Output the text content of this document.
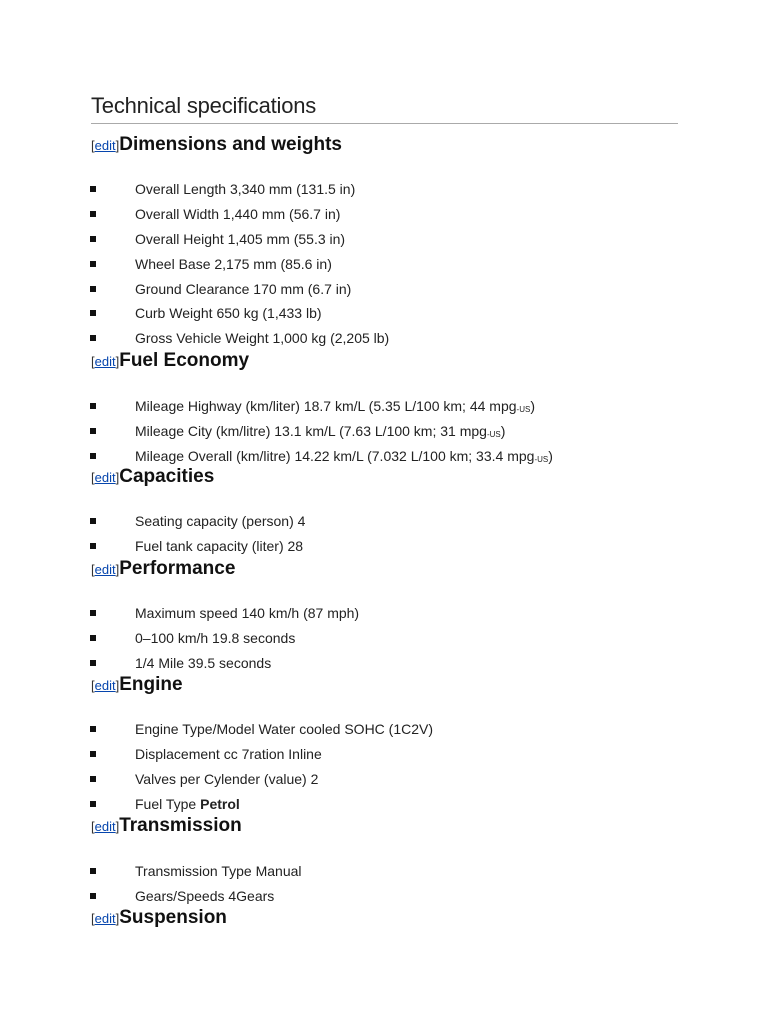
Technical specifications
[edit]Dimensions and weights
Overall Length 3,340 mm (131.5 in)
Overall Width 1,440 mm (56.7 in)
Overall Height 1,405 mm (55.3 in)
Wheel Base 2,175 mm (85.6 in)
Ground Clearance 170 mm (6.7 in)
Curb Weight 650 kg (1,433 lb)
Gross Vehicle Weight 1,000 kg (2,205 lb)
[edit]Fuel Economy
Mileage Highway (km/liter) 18.7 km/L (5.35 L/100 km; 44 mpg-US)
Mileage City (km/litre) 13.1 km/L (7.63 L/100 km; 31 mpg-US)
Mileage Overall (km/litre) 14.22 km/L (7.032 L/100 km; 33.4 mpg-US)
[edit]Capacities
Seating capacity (person) 4
Fuel tank capacity (liter) 28
[edit]Performance
Maximum speed 140 km/h (87 mph)
0–100 km/h 19.8 seconds
1/4 Mile 39.5 seconds
[edit]Engine
Engine Type/Model Water cooled SOHC (1C2V)
Displacement cc 7ration Inline
Valves per Cylender (value) 2
Fuel Type Petrol
[edit]Transmission
Transmission Type Manual
Gears/Speeds 4Gears
[edit]Suspension
